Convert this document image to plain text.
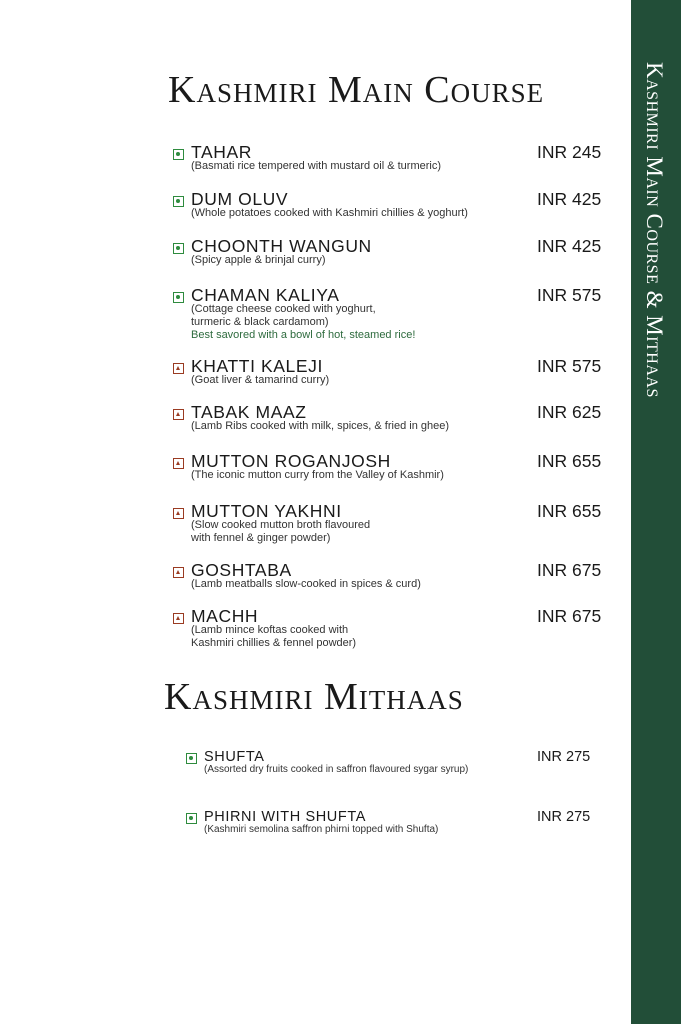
Kashmiri Main Course & Mithaas
Kashmiri Main Course
Kashmiri Mithaas
TAHAR
(Basmati rice tempered with mustard oil & turmeric)
INR 245
DUM OLUV
(Whole potatoes cooked with Kashmiri chillies & yoghurt)
INR 425
CHOONTH WANGUN
(Spicy apple & brinjal curry)
INR 425
CHAMAN KALIYA
(Cottage cheese cooked with yoghurt,
turmeric & black cardamom)
Best savored with a bowl of hot, steamed rice!
INR 575
KHATTI KALEJI
(Goat liver & tamarind curry)
INR 575
TABAK MAAZ
(Lamb Ribs cooked with milk, spices, & fried in ghee)
INR 625
MUTTON ROGANJOSH
(The iconic mutton curry from the Valley of Kashmir)
INR 655
MUTTON YAKHNI
(Slow cooked mutton broth flavoured
with fennel & ginger powder)
INR 655
GOSHTABA
(Lamb meatballs slow-cooked in spices & curd)
INR 675
MACHH
(Lamb mince koftas cooked with
Kashmiri chillies & fennel powder)
INR 675
SHUFTA
(Assorted dry fruits cooked in saffron flavoured sygar syrup)
INR 275
PHIRNI WITH SHUFTA
(Kashmiri semolina saffron phirni topped with Shufta)
INR 275
